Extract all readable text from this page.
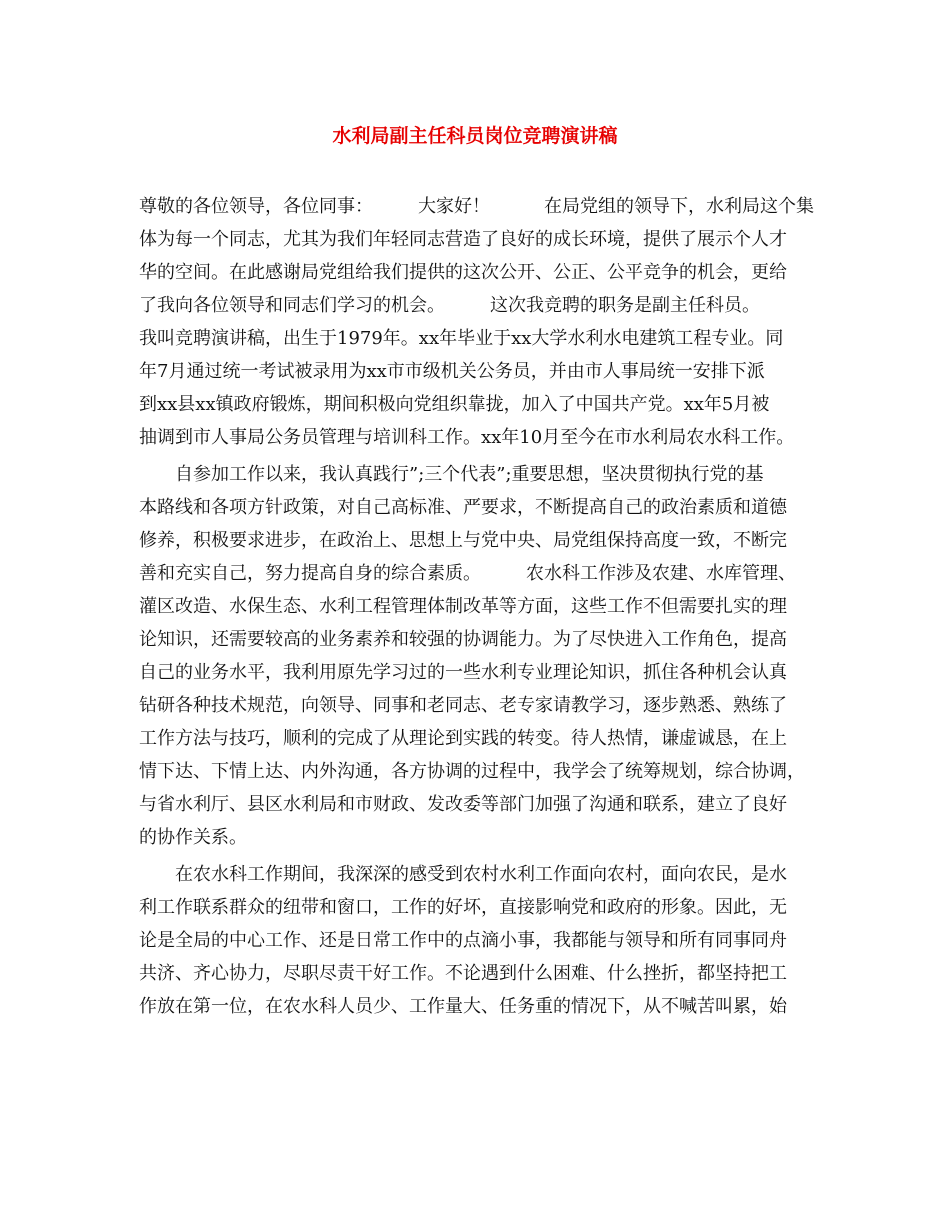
水利局副主任科员岗位竞聘演讲稿
尊敬的各位领导，各位同事：　　　大家好！　　　在局党组的领导下，水利局这个集
体为每一个同志，尤其为我们年轻同志营造了良好的成长环境，提供了展示个人才
华的空间。在此感谢局党组给我们提供的这次公开、公正、公平竞争的机会，更给
了我向各位领导和同志们学习的机会。　　　这次我竞聘的职务是副主任科员。
我叫竞聘演讲稿，出生于1979年。xx年毕业于xx大学水利水电建筑工程专业。同
年7月通过统一考试被录用为xx市市级机关公务员，并由市人事局统一安排下派
到xx县xx镇政府锻炼，期间积极向党组织靠拢，加入了中国共产党。xx年5月被
抽调到市人事局公务员管理与培训科工作。xx年10月至今在市水利局农水科工作。
自参加工作以来，我认真践行”;三个代表”;重要思想，坚决贯彻执行党的基
本路线和各项方针政策，对自己高标准、严要求，不断提高自己的政治素质和道德
修养，积极要求进步，在政治上、思想上与党中央、局党组保持高度一致，不断完
善和充实自己，努力提高自身的综合素质。　　　农水科工作涉及农建、水库管理、
灌区改造、水保生态、水利工程管理体制改革等方面，这些工作不但需要扎实的理
论知识，还需要较高的业务素养和较强的协调能力。为了尽快进入工作角色，提高
自己的业务水平，我利用原先学习过的一些水利专业理论知识，抓住各种机会认真
钻研各种技术规范，向领导、同事和老同志、老专家请教学习，逐步熟悉、熟练了
工作方法与技巧，顺利的完成了从理论到实践的转变。待人热情，谦虚诚恳，在上
情下达、下情上达、内外沟通，各方协调的过程中，我学会了统筹规划，综合协调，
与省水利厅、县区水利局和市财政、发改委等部门加强了沟通和联系，建立了良好
的协作关系。
在农水科工作期间，我深深的感受到农村水利工作面向农村，面向农民，是水
利工作联系群众的纽带和窗口，工作的好坏，直接影响党和政府的形象。因此，无
论是全局的中心工作、还是日常工作中的点滴小事，我都能与领导和所有同事同舟
共济、齐心协力，尽职尽责干好工作。不论遇到什么困难、什么挫折，都坚持把工
作放在第一位，在农水科人员少、工作量大、任务重的情况下，从不喊苦叫累，始
